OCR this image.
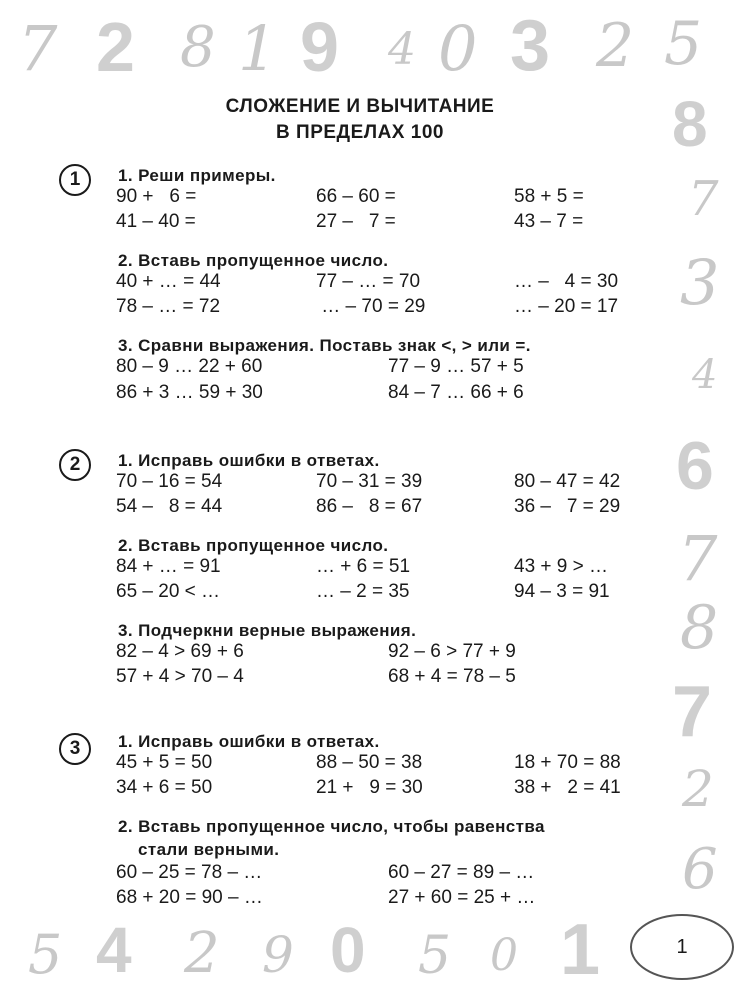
7 2 8 1 9 4 0 3 2 5
8
7
3
4
6
7
8
7
2
6
5 4 2 9 0 5 0 1
СЛОЖЕНИЕ И ВЫЧИТАНИЕ
В ПРЕДЕЛАХ 100
1	1. Реши примеры.
90 +   6 =	66 – 60 =	58 + 5 =
41 – 40 =	27 –   7 =	43 – 7 =
2. Вставь пропущенное число.
40 + … = 44	77 – … = 70	… –   4 = 30
78 – … = 72	… – 70 = 29	… – 20 = 17
3. Сравни выражения. Поставь знак <, > или =.
80 – 9 … 22 + 60	77 – 9 … 57 + 5
86 + 3 … 59 + 30	84 – 7 … 66 + 6
2	1. Исправь ошибки в ответах.
70 – 16 = 54	70 – 31 = 39	80 – 47 = 42
54 –   8 = 44	86 –   8 = 67	36 –   7 = 29
2. Вставь пропущенное число.
84 + … = 91	… + 6 = 51	43 + 9 > …
65 – 20 < …	… – 2 = 35	94 – 3 = 91
3. Подчеркни верные выражения.
82 – 4 > 69 + 6	92 – 6 > 77 + 9
57 + 4 > 70 – 4	68 + 4 = 78 – 5
3	1. Исправь ошибки в ответах.
45 + 5 = 50	88 – 50 = 38	18 + 70 = 88
34 + 6 = 50	21 +   9 = 30	38 +   2 = 41
2. Вставь пропущенное число, чтобы равенства
стали верными.
60 – 25 = 78 – …	60 – 27 = 89 – …
68 + 20 = 90 – …	27 + 60 = 25 + …
1
